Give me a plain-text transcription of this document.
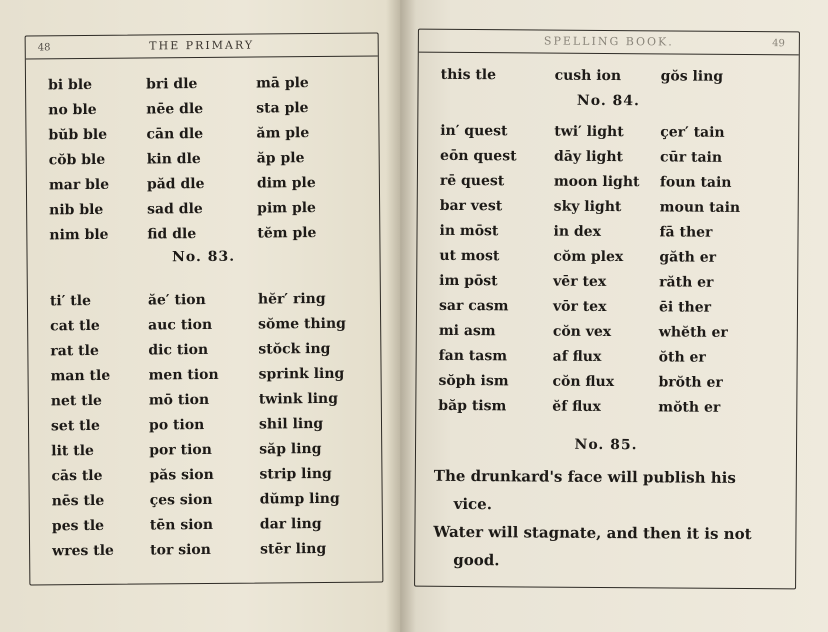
48	THE PRIMARY
bi ble	bri dle	mā ple
no ble	nēe dle	sta ple
bŭb ble	cān dle	ăm ple
cŏb ble	kin dle	ăp ple
mar ble	păd dle	dim ple
nib ble	sad dle	pim ple
nim ble	fid dle	tĕm ple
No. 83.
ti′ tle	ăe′ tion	hĕr′ ring
cat tle	auc tion	sŏme thing
rat tle	dic tion	stŏck ing
man tle	men tion	sprink ling
net tle	mō tion	twink ling
set tle	po tion	shil ling
lit tle	por tion	săp ling
cās tle	păs sion	strip ling
nēs tle	çes sion	dŭmp ling
pes tle	tēn sion	dar ling
wres tle	tor sion	stēr ling
SPELLING BOOK.	49
this tle	cush ion	gŏs ling
No. 84.
in′ quest	twi′ light	çer′ tain
eōn quest	dāy light	cūr tain
rē quest	moon light	foun tain
bar vest	sky light	moun tain
in mōst	in dex	fā ther
ut most	cŏm plex	găth er
im pōst	vēr tex	răth er
sar casm	vōr tex	ēi ther
mi asm	cŏn vex	whĕth er
fan tasm	af flux	ŏth er
sŏph ism	cŏn flux	brŏth er
băp tism	ĕf flux	mŏth er
No. 85.

The drunkard's face will publish his

vice.

Water will stagnate, and then it is not

good.
